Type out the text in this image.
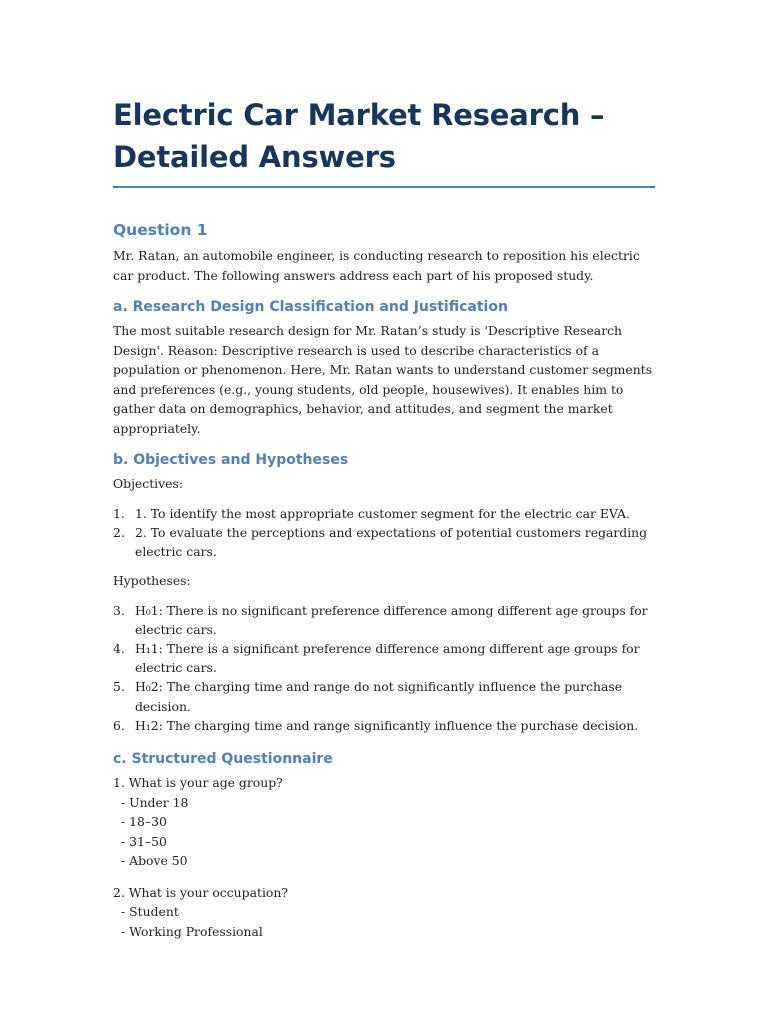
Electric Car Market Research – Detailed Answers
Question 1

Mr. Ratan, an automobile engineer, is conducting research to reposition his electric car product. The following answers address each part of his proposed study.

a. Research Design Classification and Justification

The most suitable research design for Mr. Ratan’s study is 'Descriptive Research Design'. Reason: Descriptive research is used to describe characteristics of a population or phenomenon. Here, Mr. Ratan wants to understand customer segments and preferences (e.g., young students, old people, housewives). It enables him to gather data on demographics, behavior, and attitudes, and segment the market appropriately.

b. Objectives and Hypotheses

Objectives:

1. 1. To identify the most appropriate customer segment for the electric car EVA.
2. 2. To evaluate the perceptions and expectations of potential customers regarding electric cars.

Hypotheses:

3. H₀1: There is no significant preference difference among different age groups for electric cars.
4. H₁1: There is a significant preference difference among different age groups for electric cars.
5. H₀2: The charging time and range do not significantly influence the purchase decision.
6. H₁2: The charging time and range significantly influence the purchase decision.
c. Structured Questionnaire
1. What is your age group?
- Under 18
- 18–30
- 31–50
- Above 50
2. What is your occupation?
- Student
- Working Professional
